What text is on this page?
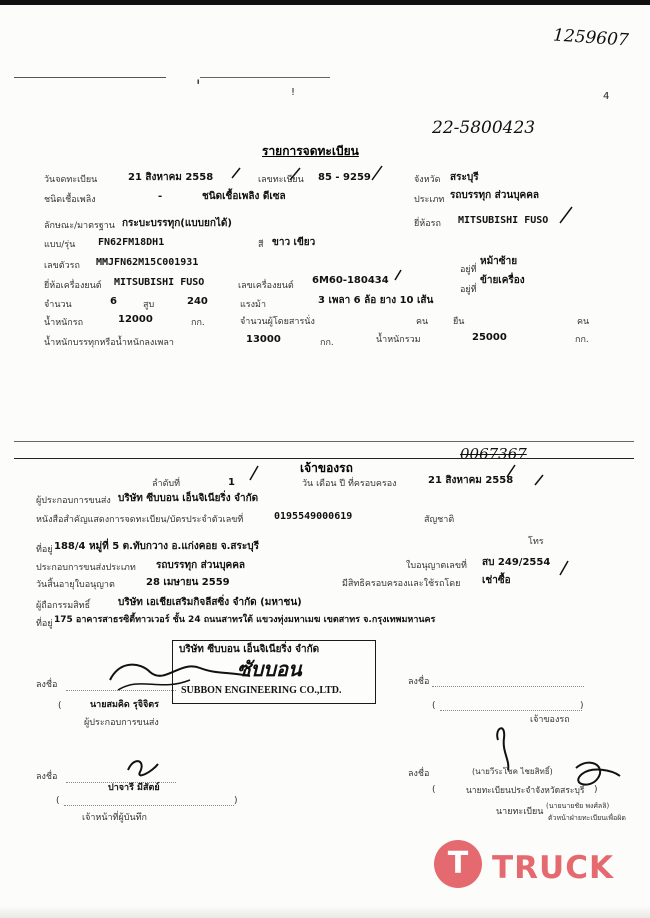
1259607
'	!	4
22-5800423
รายการจดทะเบียน
วันจดทะเบียน	21 สิงหาคม 2558	เลขทะเบียน 85 - 9259	จังหวัด สระบุรี
ชนิดเชื้อเพลิง	-	ชนิดเชื้อเพลิง ดีเซล	ประเภท รถบรรทุก ส่วนบุคคล
ลักษณะ/มาตรฐาน กระบะบรรทุก(แบบยกได้)	ยี่ห้อรถ MITSUBISHI FUSO
แบบ/รุ่น FN62FM18DH1	สี ขาว เขียว
เลขตัวรถ MMJFN62M15C001931
อยู่ที่
หม้าซ้าย
ยี่ห้อเครื่องยนต์ MITSUBISHI FUSO	เลขเครื่องยนต์ 6M60-180434
อยู่ที่
ข้ายเครื่อง
จำนวน	6	สูบ	240	แรงม้า	3 เพลา 6 ล้อ ยาง 10 เส้น
น้ำหนักรถ	12000	กก.	จำนวนผู้โดยสารนั่ง	คน	ยืน	คน
น้ำหนักบรรทุกหรือน้ำหนักลงเพลา	13000	กก.	น้ำหนักรวม	25000	กก.
0067367
เจ้าของรถ
ลำดับที่	1	วัน เดือน ปี ที่ครอบครอง	21 สิงหาคม 2558
ผู้ประกอบการขนส่ง บริษัท ซีบบอน เอ็นจิเนียริ่ง จำกัด
หนังสือสำคัญแสดงการจดทะเบียน/บัตรประจำตัวเลขที่	0195549000619	สัญชาติ
โทร
ที่อยู่ 188/4 หมู่ที่ 5 ต.ทับกวาง อ.แก่งคอย จ.สระบุรี
ประกอบการขนส่งประเภท รถบรรทุก ส่วนบุคคล	ใบอนุญาตเลขที่ สบ 249/2554
วันสิ้นอายุใบอนุญาต	28 เมษายน 2559	มีสิทธิครอบครองและใช้รถโดย เช่าซื้อ
ผู้ถือกรรมสิทธิ์	บริษัท เอเชียเสริมกิจลีสซิ่ง จำกัด (มหาชน)
ที่อยู่ 175 อาคารสาธรซิตี้ทาวเวอร์ ชั้น 24 ถนนสาทรใต้ แขวงทุ่งมหาเมฆ เขตสาทร จ.กรุงเทพมหานคร
บริษัท ซีบบอน เอ็นจิเนียริ่ง จำกัด
ซับบอน
SUBBON ENGINEERING CO.,LTD.
ลงชื่อ
(	นายสมคิด รุจิจิตร
ผู้ประกอบการขนส่ง
ลงชื่อ
(	)
เจ้าของรถ
ลงชื่อ
ปาจารี มีสัตย์
(	)
เจ้าหน้าที่ผู้บันทึก
ลงชื่อ	(นายวีระโชค ไชยสิทธิ์)
(	นายทะเบียนประจำจังหวัดสระบุรี )
นายทะเบียน
(นายนายชัย พงศ์ลลิ)
ตัวหน้าฝ่ายทะเบียนเพื่อผิด
T TRUCK
